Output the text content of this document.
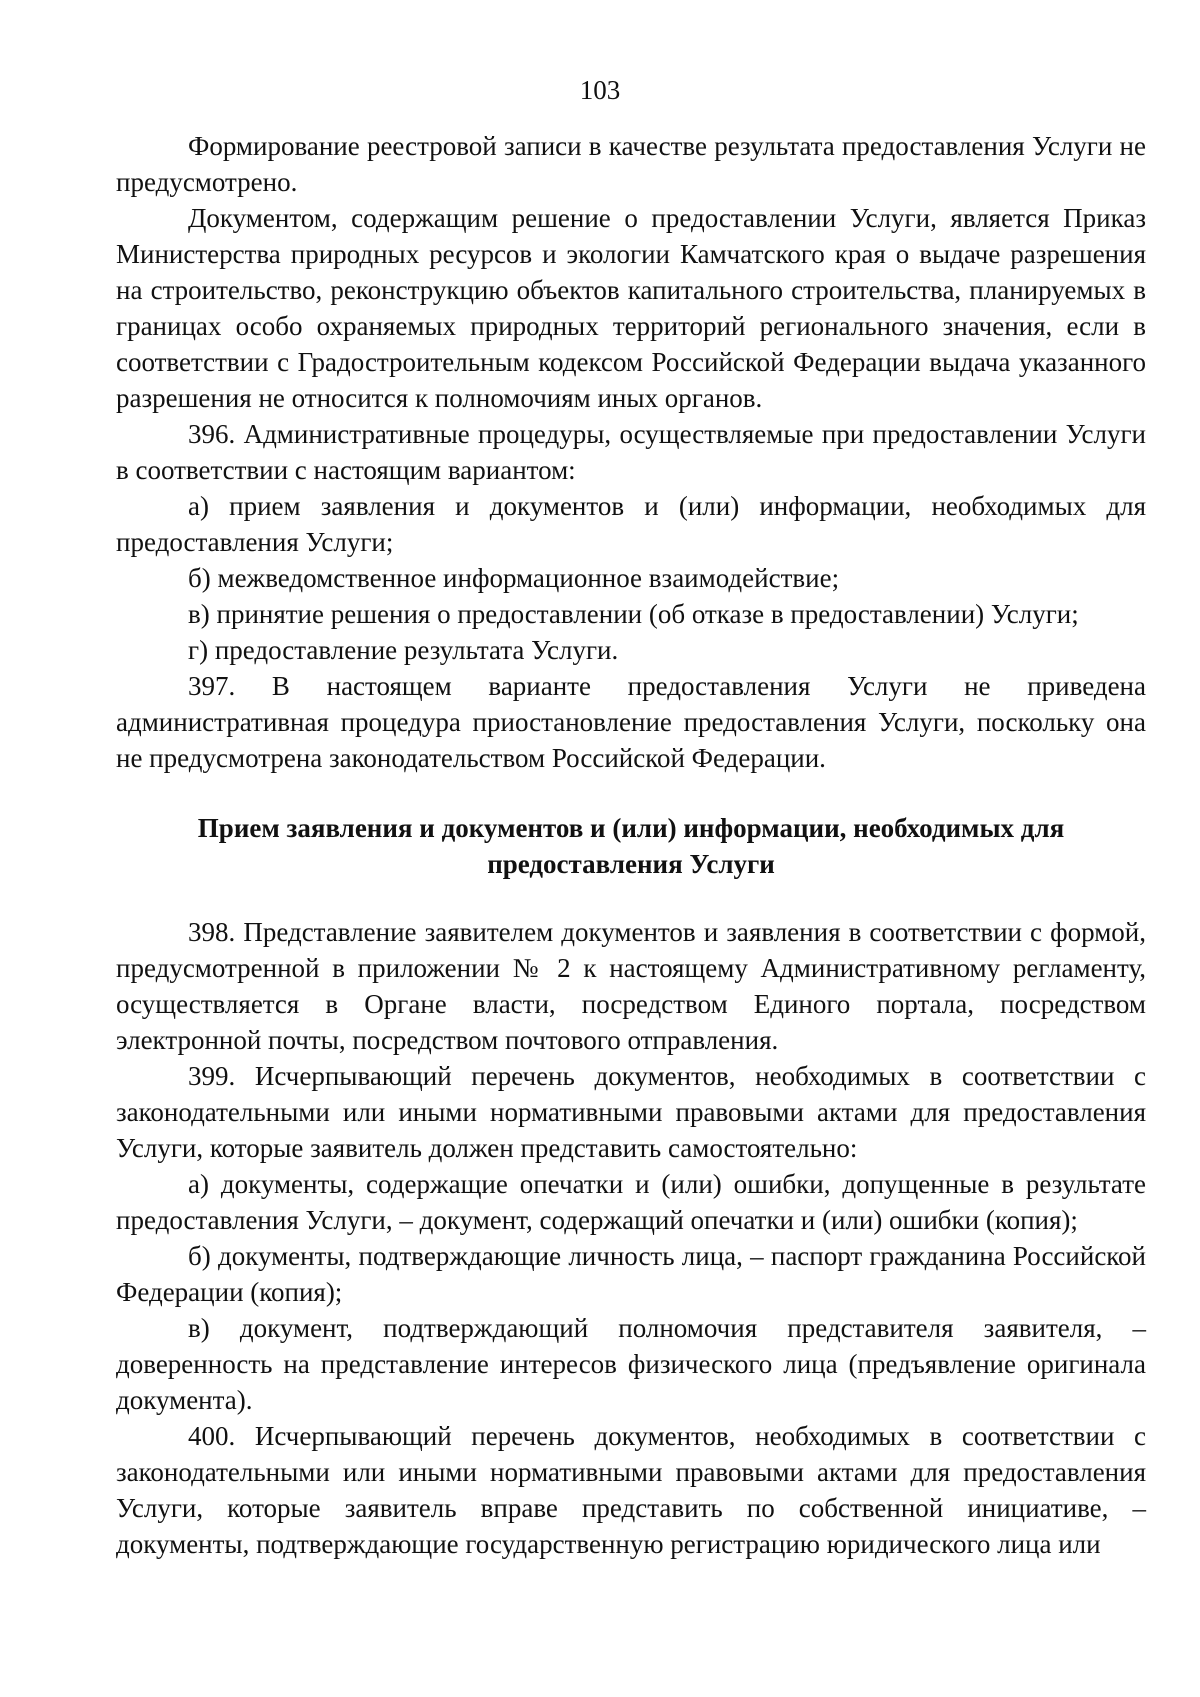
103

Формирование реестровой записи в качестве результата предоставления Услуги не предусмотрено.

Документом, содержащим решение о предоставлении Услуги, является Приказ Министерства природных ресурсов и экологии Камчатского края о выдаче разрешения на строительство, реконструкцию объектов капитального строительства, планируемых в границах особо охраняемых природных территорий регионального значения, если в соответствии с Градостроительным кодексом Российской Федерации выдача указанного разрешения не относится к полномочиям иных органов.

396. Административные процедуры, осуществляемые при предоставлении Услуги в соответствии с настоящим вариантом:

а) прием заявления и документов и (или) информации, необходимых для предоставления Услуги;

б) межведомственное информационное взаимодействие;

в) принятие решения о предоставлении (об отказе в предоставлении) Услуги;

г) предоставление результата Услуги.

397. В настоящем варианте предоставления Услуги не приведена административная процедура приостановление предоставления Услуги, поскольку она не предусмотрена законодательством Российской Федерации.

Прием заявления и документов и (или) информации, необходимых для предоставления Услуги

398. Представление заявителем документов и заявления в соответствии с формой, предусмотренной в приложении № 2 к настоящему Административному регламенту, осуществляется в Органе власти, посредством Единого портала, посредством электронной почты, посредством почтового отправления.

399. Исчерпывающий перечень документов, необходимых в соответствии с законодательными или иными нормативными правовыми актами для предоставления Услуги, которые заявитель должен представить самостоятельно:

а) документы, содержащие опечатки и (или) ошибки, допущенные в результате предоставления Услуги, – документ, содержащий опечатки и (или) ошибки (копия);

б) документы, подтверждающие личность лица, – паспорт гражданина Российской Федерации (копия);

в) документ, подтверждающий полномочия представителя заявителя, – доверенность на представление интересов физического лица (предъявление оригинала документа).

400. Исчерпывающий перечень документов, необходимых в соответствии с законодательными или иными нормативными правовыми актами для предоставления Услуги, которые заявитель вправе представить по собственной инициативе, – документы, подтверждающие государственную регистрацию юридического лица или
